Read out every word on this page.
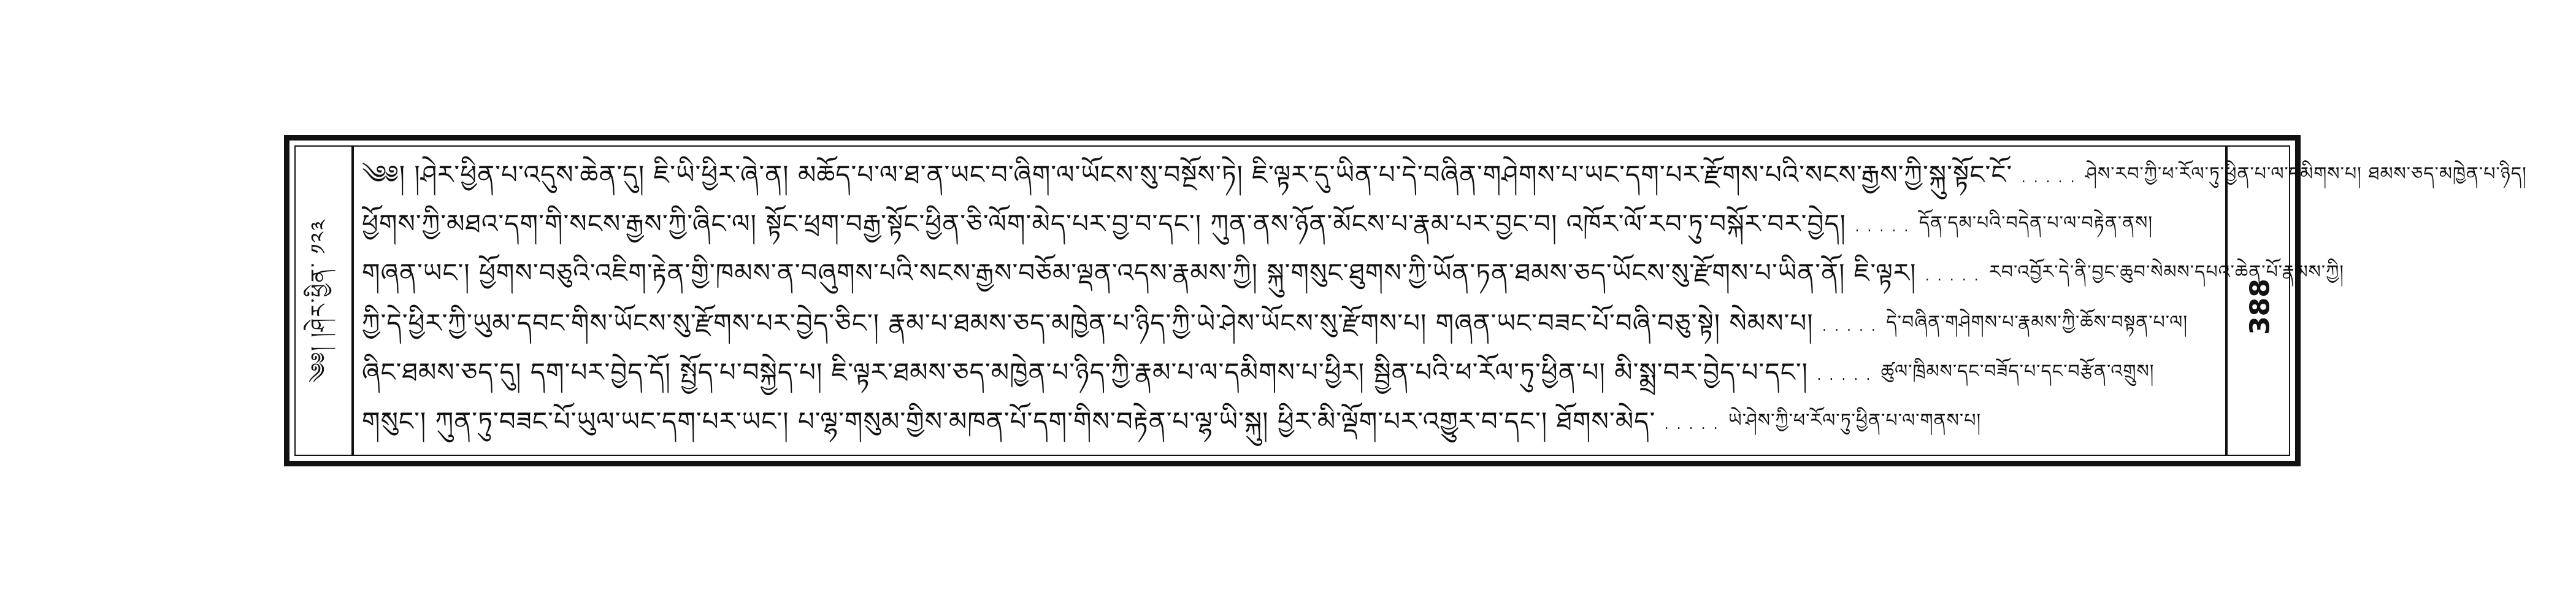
༄༅། །ཤེར་ཕྱིན་ ༡༢༣	388
༄༅། །ཤེར་ཕྱིན་པ་འདུས་ཆེན་དུ། ཇི་ཡི་ཕྱིར་ཞེ་ན། མཆོད་པ་ལ་ཐ་ན་ཡང་བ་ཞིག་ལ་ཡོངས་སུ་བསྔོས་ཏེ། ཇི་ལྟར་དུ་ཡིན་པ་དེ་བཞིན་གཤེགས་པ་ཡང་དག་པར་རྫོགས་པའི་སངས་རྒྱས་ཀྱི་སྐུ་སྟོང་ངོ་ . . . . . ཤེས་རབ་ཀྱི་ཕ་རོལ་ཏུ་ཕྱིན་པ་ལ་དམིགས་པ། ཐམས་ཅད་མཁྱེན་པ་ཉིད།
ཕྱོགས་ཀྱི་མཐའ་དག་གི་སངས་རྒྱས་ཀྱི་ཞིང་ལ། སྟོང་ཕྲག་བརྒྱ་སྟོང་ཕྱིན་ཅི་ལོག་མེད་པར་བྱ་བ་དང་། ཀུན་ནས་ཉོན་མོངས་པ་རྣམ་པར་བྱང་བ། འཁོར་ལོ་རབ་ཏུ་བསྐོར་བར་བྱེད། . . . . . དོན་དམ་པའི་བདེན་པ་ལ་བརྟེན་ནས།
གཞན་ཡང་། ཕྱོགས་བཅུའི་འཇིག་རྟེན་གྱི་ཁམས་ན་བཞུགས་པའི་སངས་རྒྱས་བཅོམ་ལྡན་འདས་རྣམས་ཀྱི། སྐུ་གསུང་ཐུགས་ཀྱི་ཡོན་ཏན་ཐམས་ཅད་ཡོངས་སུ་རྫོགས་པ་ཡིན་ནོ། ཇི་ལྟར། . . . . . རབ་འབྱོར་དེ་ནི་བྱང་ཆུབ་སེམས་དཔའ་ཆེན་པོ་རྣམས་ཀྱི།
ཀྱི་དེ་ཕྱིར་ཀྱི་ཡུམ་དབང་གིས་ཡོངས་སུ་རྫོགས་པར་བྱེད་ཅིང་། རྣམ་པ་ཐམས་ཅད་མཁྱེན་པ་ཉིད་ཀྱི་ཡེ་ཤེས་ཡོངས་སུ་རྫོགས་པ། གཞན་ཡང་བཟང་པོ་བཞི་བཅུ་སྟེ། སེམས་པ། . . . . . དེ་བཞིན་གཤེགས་པ་རྣམས་ཀྱི་ཆོས་བསྟན་པ་ལ།
ཞིང་ཐམས་ཅད་དུ། དག་པར་བྱེད་དོ། སྤྱོད་པ་བསྐྱེད་པ། ཇི་ལྟར་ཐམས་ཅད་མཁྱེན་པ་ཉིད་ཀྱི་རྣམ་པ་ལ་དམིགས་པ་ཕྱིར། སྦྱིན་པའི་ཕ་རོལ་ཏུ་ཕྱིན་པ། མི་སྨྲ་བར་བྱེད་པ་དང་། . . . . . ཚུལ་ཁྲིམས་དང་བཟོད་པ་དང་བརྩོན་འགྲུས།
གསུང་། ཀུན་ཏུ་བཟང་པོ་ཡུལ་ཡང་དག་པར་ཡང་། པ་ལྷ་གསུམ་གྱིས་མཁན་པོ་དག་གིས་བརྟེན་པ་ལྷ་ཡི་སྐུ། ཕྱིར་མི་ལྡོག་པར་འགྱུར་བ་དང་། ཐོགས་མེད་ . . . . . ཡེ་ཤེས་ཀྱི་ཕ་རོལ་ཏུ་ཕྱིན་པ་ལ་གནས་པ།
